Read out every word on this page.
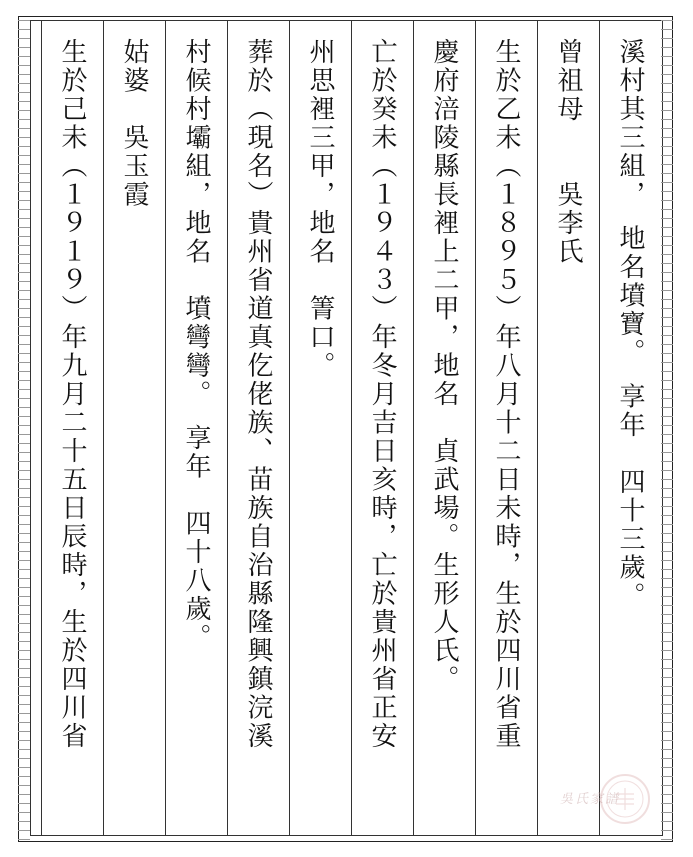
溪村其三組，　地名墳寶。　享年　四十三歲。
曾祖母　　吳李氏
生於乙未（１８９５）年八月十二日未時，生於四川省重
慶府涪陵縣長裡上二甲，地名　貞武場。生形人氏。
亡於癸未（１９４３）年冬月吉日亥時，亡於貴州省正安
州思裡三甲，地名　箐口。
葬於（現名）貴州省道真仡佬族、苗族自治縣隆興鎮浣溪
村候村壩組，地名　墳彎彎。　享年　四十八歲。
姑婆　吳玉霞
生於己未（１９１９）年九月二十五日辰時，生於四川省
吳氏家譜
